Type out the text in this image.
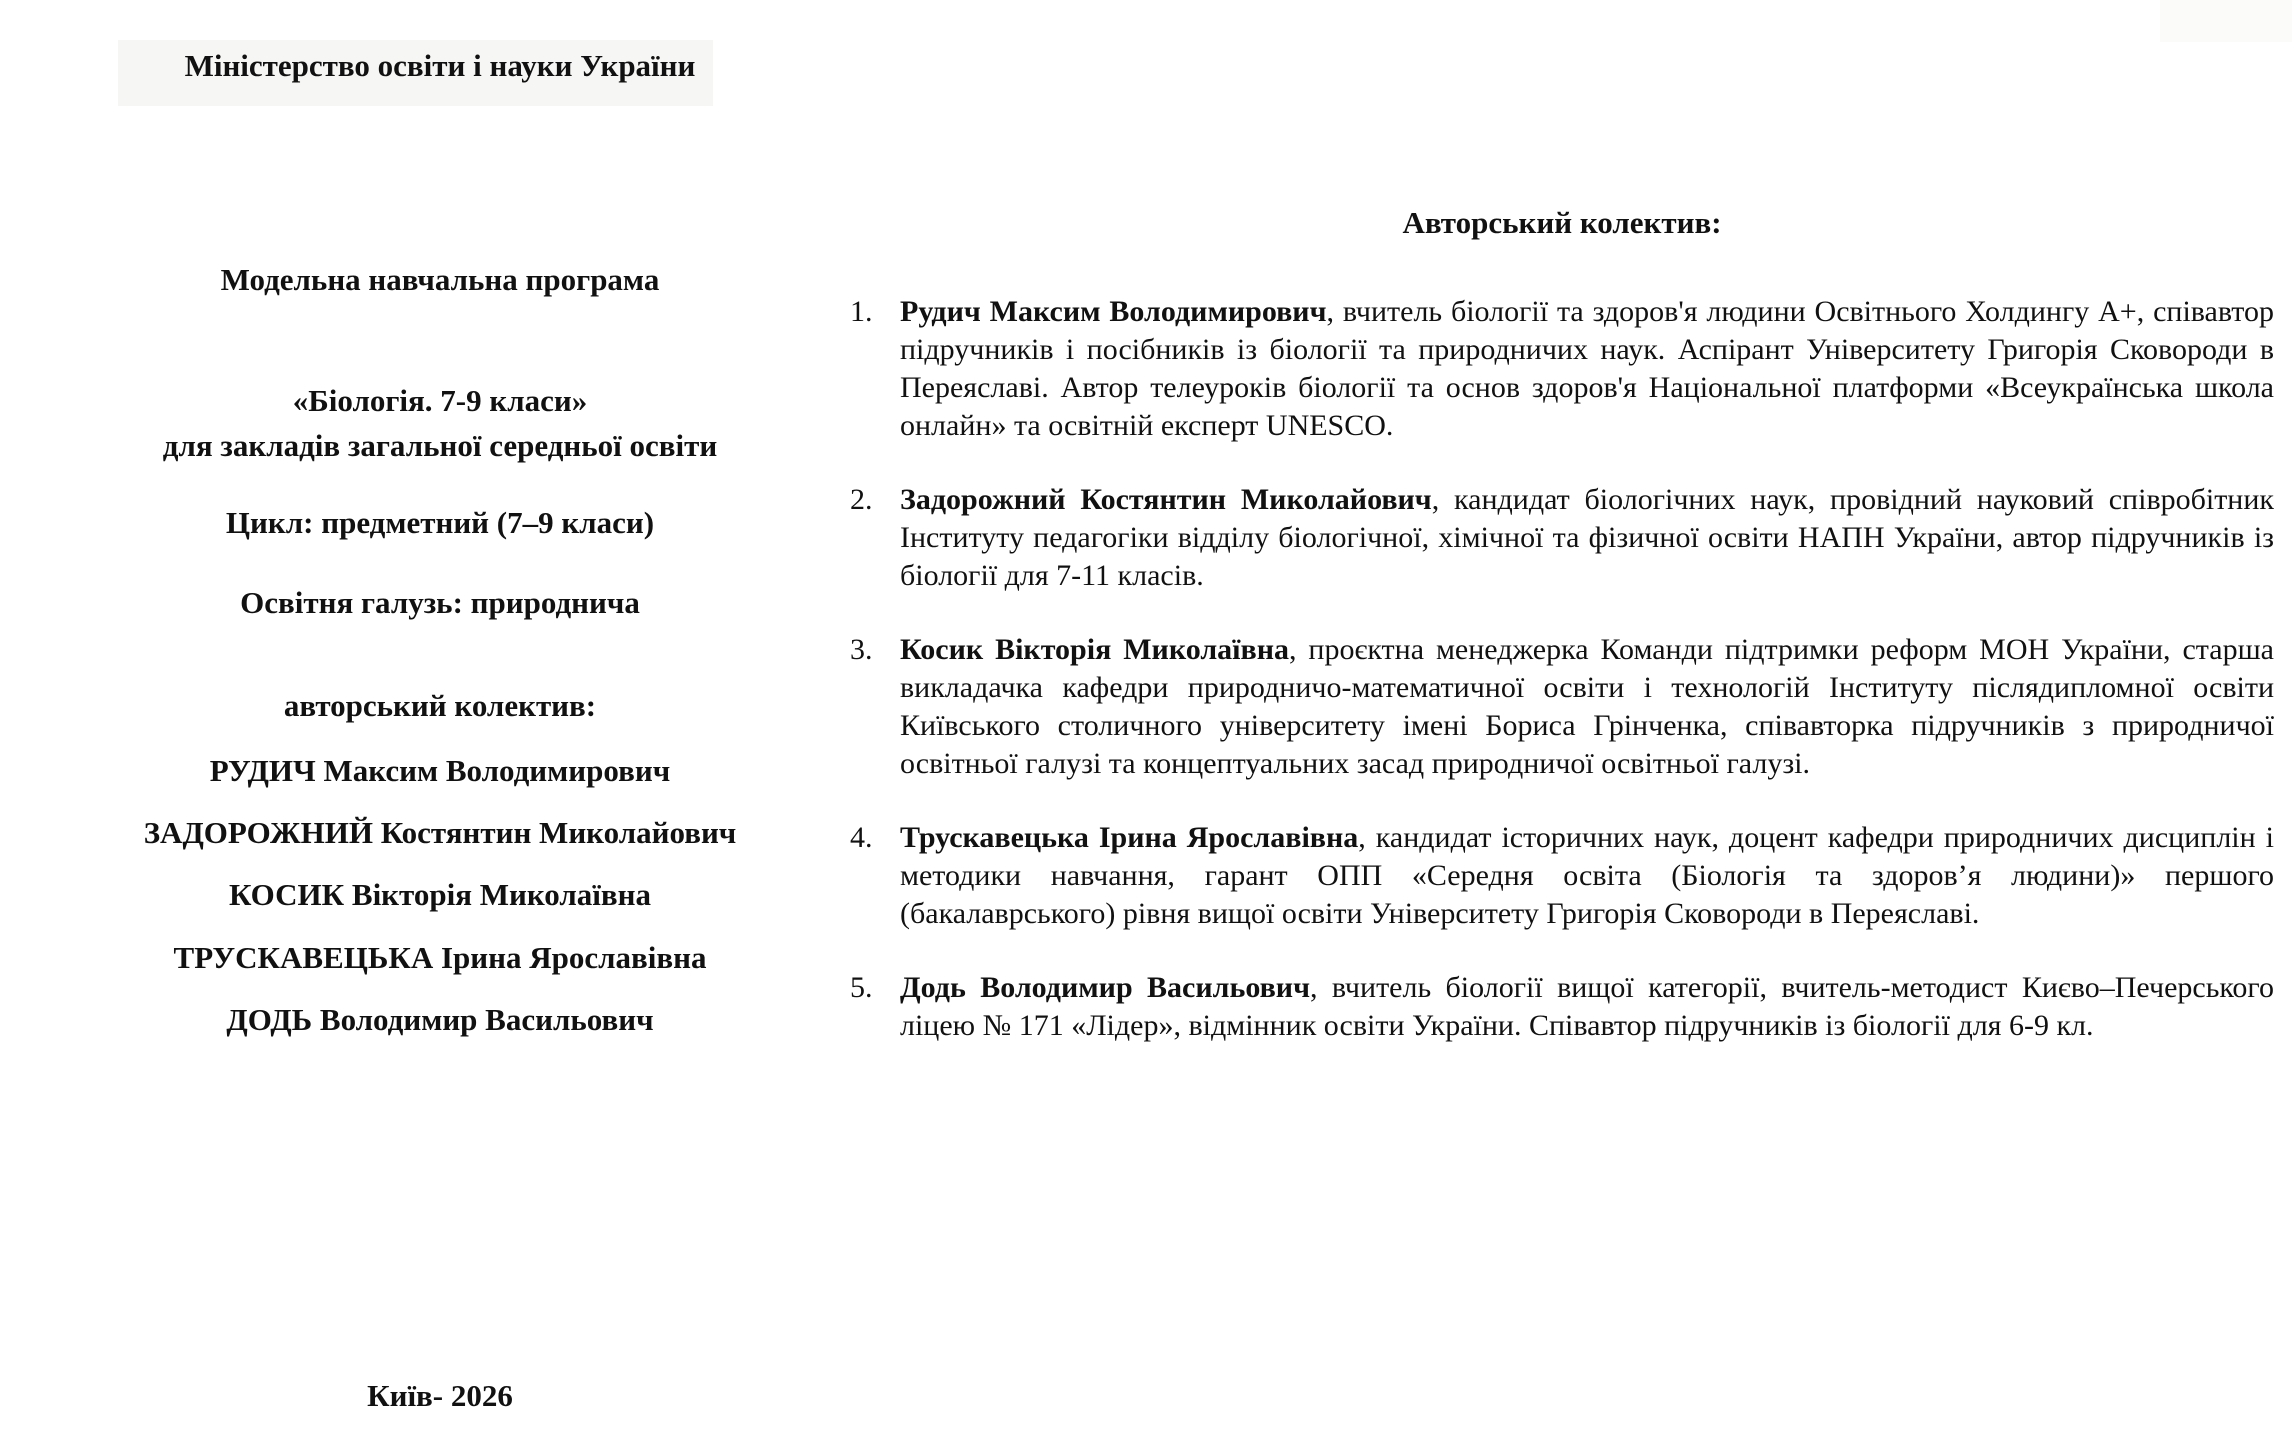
Міністерство освіти і науки України
Модельна навчальна програма
«Біологія. 7-9 класи»
для закладів загальної середньої освіти
Цикл: предметний (7–9 класи)
Освітня галузь: природнича
авторський колектив:
РУДИЧ Максим Володимирович
ЗАДОРОЖНИЙ Костянтин Миколайович
КОСИК Вікторія Миколаївна
ТРУСКАВЕЦЬКА Ірина Ярославівна
ДОДЬ Володимир Васильович
Київ- 2026
Авторський колектив:
1. Рудич Максим Володимирович, вчитель біології та здоров'я людини Освітнього Холдингу А+, співавтор підручників і посібників із біології та природничих наук. Аспірант Університету Григорія Сковороди в Переяславі. Автор телеуроків біології та основ здоров'я Національної платформи «Всеукраїнська школа онлайн» та освітній експерт UNESCO.

2. Задорожний Костянтин Миколайович, кандидат біологічних наук, провідний науковий співробітник Інституту педагогіки відділу біологічної, хімічної та фізичної освіти НАПН України, автор підручників із біології для 7-11 класів.

3. Косик Вікторія Миколаївна, проєктна менеджерка Команди підтримки реформ МОН України, старша викладачка кафедри природничо-математичної освіти і технологій Інституту післядипломної освіти Київського столичного університету імені Бориса Грінченка, співавторка підручників з природничої освітньої галузі та концептуальних засад природничої освітньої галузі.

4. Трускавецька Ірина Ярославівна, кандидат історичних наук, доцент кафедри природничих дисциплін і методики навчання, гарант ОПП «Середня освіта (Біологія та здоров’я людини)» першого (бакалаврського) рівня вищої освіти Університету Григорія Сковороди в Переяславі.

5. Додь Володимир Васильович, вчитель біології вищої категорії, вчитель-методист Києво–Печерського ліцею № 171 «Лідер», відмінник освіти України. Співавтор підручників із біології для 6-9 кл.
